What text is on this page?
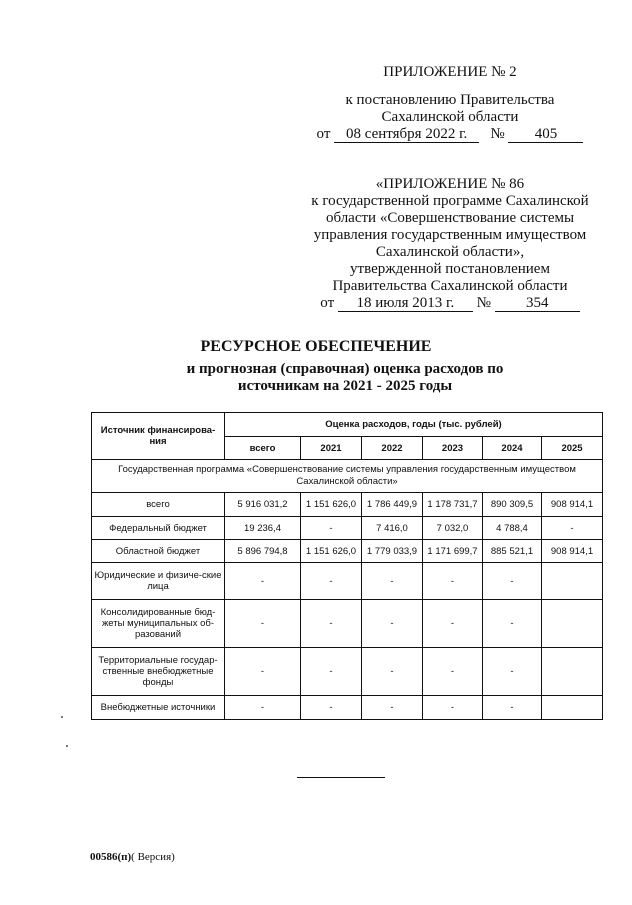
ПРИЛОЖЕНИЕ № 2
к постановлению Правительства
Сахалинской области
от 08 сентября 2022 г. № 405
«ПРИЛОЖЕНИЕ № 86
к государственной программе Сахалинской
области «Совершенствование системы
управления государственным имуществом
Сахалинской области»,
утвержденной постановлением
Правительства Сахалинской области
от 18 июля 2013 г. № 354
РЕСУРСНОЕ ОБЕСПЕЧЕНИЕ
и прогнозная (справочная) оценка расходов по
источникам на 2021 - 2025 годы
Источник финансирова-ния	Оценка расходов, годы (тыс. рублей)					
	всего	2021	2022	2023	2024	2025
Государственная программа «Совершенствование системы управления государственным имуществом Сахалинской области»						
всего	5 916 031,2	1 151 626,0	1 786 449,9	1 178 731,7	890 309,5	908 914,1
Федеральный бюджет	19 236,4	-	7 416,0	7 032,0	4 788,4	-
Областной бюджет	5 896 794,8	1 151 626,0	1 779 033,9	1 171 699,7	885 521,1	908 914,1
Юридические и физиче-ские лица	-	-	-	-	-	
Консолидированные бюд-жеты муниципальных об-разований	-	-	-	-	-	
Территориальные государ-ственные внебюджетные фонды	-	-	-	-	-	
Внебюджетные источники	-	-	-	-	-	
00586(п)( Версия)
